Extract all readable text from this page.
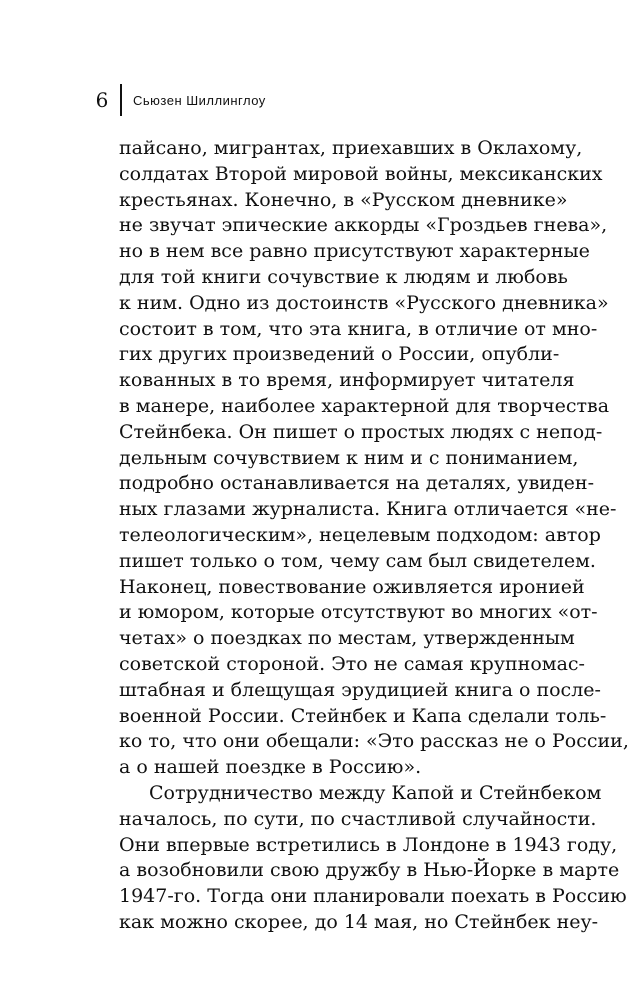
6 Сьюзен Шиллинглоу
пайсано, мигрантах, приехавших в Оклахому,
солдатах Второй мировой войны, мексиканских
крестьянах. Конечно, в «Русском дневнике»
не звучат эпические аккорды «Гроздьев гнева»,
но в нем все равно присутствуют характерные
для той книги сочувствие к людям и любовь
к ним. Одно из достоинств «Русского дневника»
состоит в том, что эта книга, в отличие от мно-
гих других произведений о России, опубли-
кованных в то время, информирует читателя
в манере, наиболее характерной для творчества
Стейнбека. Он пишет о простых людях с непод-
дельным сочувствием к ним и с пониманием,
подробно останавливается на деталях, увиден-
ных глазами журналиста. Книга отличается «не-
телеологическим», нецелевым подходом: автор
пишет только о том, чему сам был свидетелем.
Наконец, повествование оживляется иронией
и юмором, которые отсутствуют во многих «от-
четах» о поездках по местам, утвержденным
советской стороной. Это не самая крупномас-
штабная и блещущая эрудицией книга о после-
военной России. Стейнбек и Капа сделали толь-
ко то, что они обещали: «Это рассказ не о России,
а о нашей поездке в Россию».
Сотрудничество между Капой и Стейнбеком
началось, по сути, по счастливой случайности.
Они впервые встретились в Лондоне в 1943 году,
а возобновили свою дружбу в Нью-Йорке в марте
1947-го. Тогда они планировали поехать в Россию
как можно скорее, до 14 мая, но Стейнбек неу-
